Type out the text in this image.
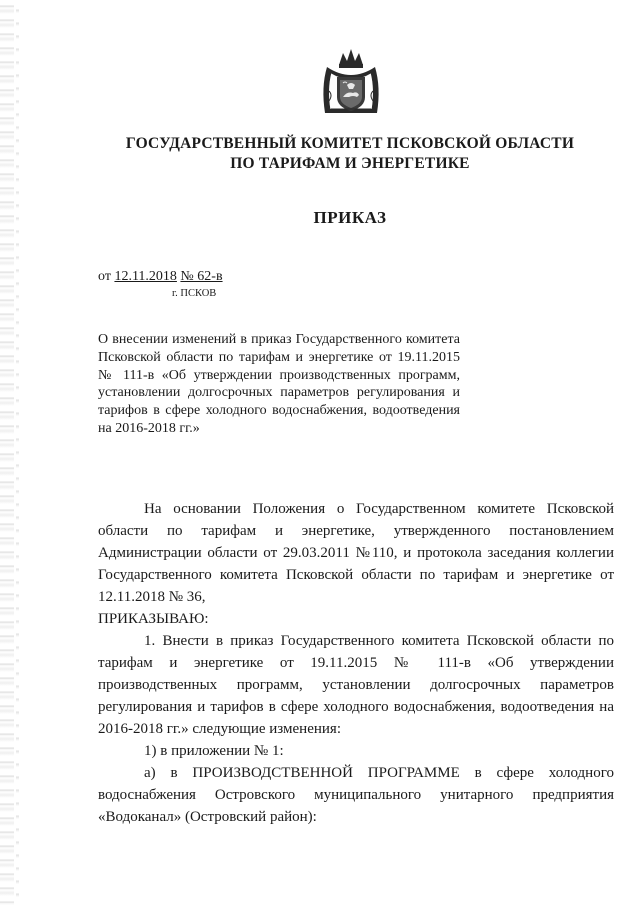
ГОСУДАРСТВЕННЫЙ КОМИТЕТ ПСКОВСКОЙ ОБЛАСТИ
ПО ТАРИФАМ И ЭНЕРГЕТИКЕ
ПРИКАЗ
от 12.11.2018 № 62-в
г. ПСКОВ
О внесении изменений в приказ Государственного комитета Псковской области по тарифам и энергетике от 19.11.2015 № 111-в «Об утверждении производственных программ, установлении долгосрочных параметров регулирования и тарифов в сфере холодного водоснабжения, водоотведения на 2016-2018 гг.»

На основании Положения о Государственном комитете Псковской области по тарифам и энергетике, утвержденного постановлением Администрации области от 29.03.2011 №110, и протокола заседания коллегии Государственного комитета Псковской области по тарифам и энергетике от 12.11.2018 № 36,

ПРИКАЗЫВАЮ:

1. Внести в приказ Государственного комитета Псковской области по тарифам и энергетике от 19.11.2015 № 111-в «Об утверждении производственных программ, установлении долгосрочных параметров регулирования и тарифов в сфере холодного водоснабжения, водоотведения на 2016-2018 гг.» следующие изменения:

1) в приложении № 1:

а) в ПРОИЗВОДСТВЕННОЙ ПРОГРАММЕ в сфере холодного водоснабжения Островского муниципального унитарного предприятия «Водоканал» (Островский район):
